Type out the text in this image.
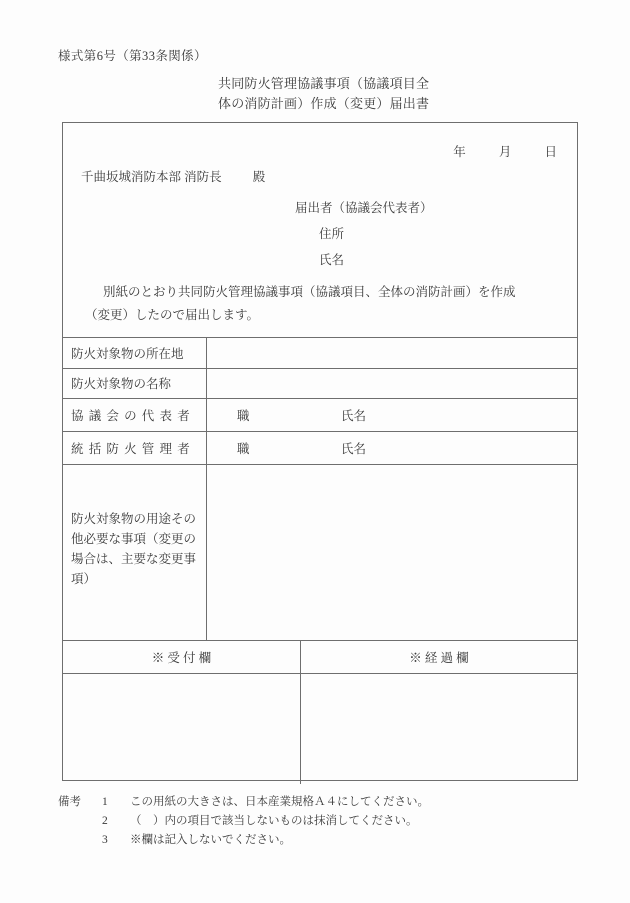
様式第6号（第33条関係）
共同防火管理協議事項（協議項目全
体の消防計画）作成（変更）届出書
年	月	日
千曲坂城消防本部 消防長 殿
届出者（協議会代表者）
住所
氏名
別紙のとおり共同防火管理協議事項（協議項目、全体の消防計画）を作成
（変更）したので届出します。
防火対象物の所在地
防火対象物の名称
協議会の代表者	職	氏名
統括防火管理者	職	氏名
防火対象物の用途その
他必要な事項（変更の
場合は、主要な変更事
項）
※ 受 付 欄	※ 経 過 欄
備考	1	この用紙の大きさは、日本産業規格Ａ４にしてください。
2	（　）内の項目で該当しないものは抹消してください。
3	※欄は記入しないでください。
